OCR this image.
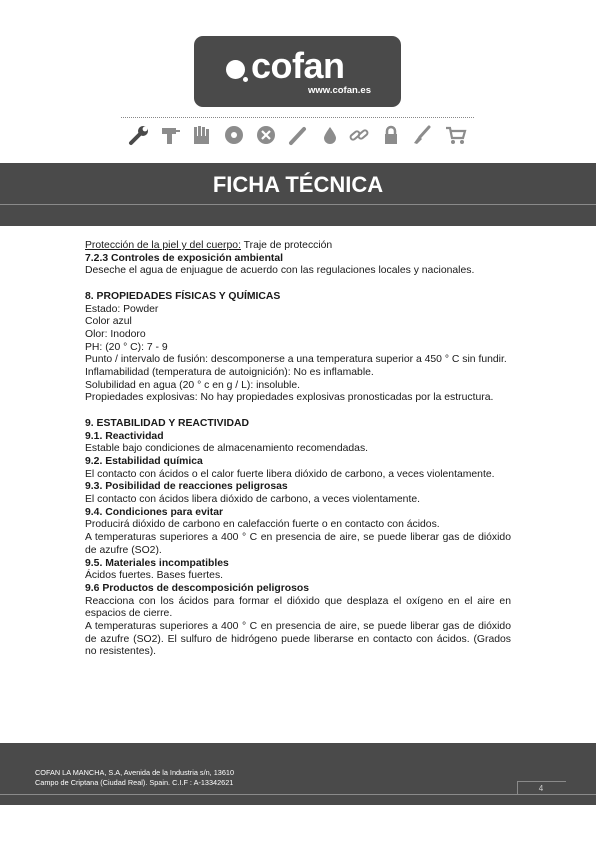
cofan
www.cofan.es
FICHA TÉCNICA

Protección de la piel y del cuerpo: Traje de protección

7.2.3 Controles de exposición ambiental

Deseche el agua de enjuague de acuerdo con las regulaciones locales y nacionales.

8. PROPIEDADES FÍSICAS Y QUÍMICAS

Estado: Powder

Color azul

Olor: Inodoro

PH: (20 ° C): 7 - 9

Punto / intervalo de fusión: descomponerse a una temperatura superior a 450 ° C sin fundir.

Inflamabilidad (temperatura de autoignición): No es inflamable.

Solubilidad en agua (20 ° c en g / L): insoluble.

Propiedades explosivas: No hay propiedades explosivas pronosticadas por la estructura.

9. ESTABILIDAD Y REACTIVIDAD

9.1. Reactividad

Estable bajo condiciones de almacenamiento recomendadas.

9.2. Estabilidad química

El contacto con ácidos o el calor fuerte libera dióxido de carbono, a veces violentamente.

9.3. Posibilidad de reacciones peligrosas

El contacto con ácidos libera dióxido de carbono, a veces violentamente.

9.4. Condiciones para evitar

Producirá dióxido de carbono en calefacción fuerte o en contacto con ácidos.

A temperaturas superiores a 400 ° C en presencia de aire, se puede liberar gas de dióxido de azufre (SO2).

9.5. Materiales incompatibles

Ácidos fuertes. Bases fuertes.

9.6 Productos de descomposición peligrosos

Reacciona con los ácidos para formar el dióxido que desplaza el oxígeno en el aire en espacios de cierre.

A temperaturas superiores a 400 ° C en presencia de aire, se puede liberar gas de dióxido de azufre (SO2). El sulfuro de hidrógeno puede liberarse en contacto con ácidos. (Grados no resistentes).

COFAN LA MANCHA, S.A, Avenida de la Industria s/n, 13610
Campo de Criptana (Ciudad Real). Spain. C.I.F : A-13342621
4
